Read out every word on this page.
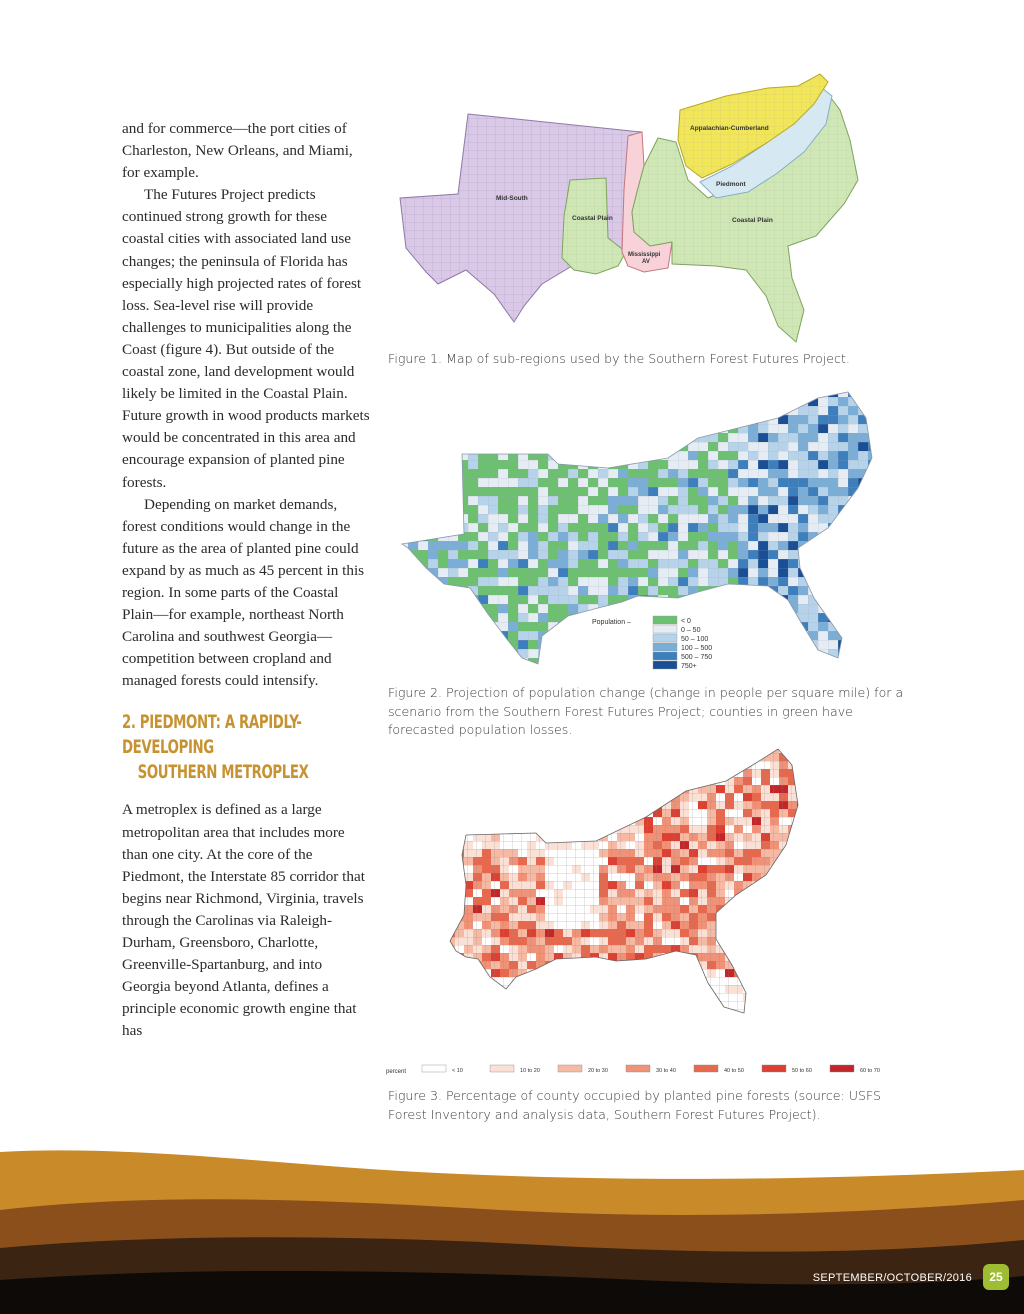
and for commerce—the port cities of Charleston, New Orleans, and Miami, for example.

The Futures Project predicts continued strong growth for these coastal cities with associated land use changes; the peninsula of Florida has especially high projected rates of forest loss. Sea-level rise will provide challenges to municipalities along the Coast (figure 4). But outside of the coastal zone, land development would likely be limited in the Coastal Plain. Future growth in wood products markets would be concentrated in this area and encourage expansion of planted pine forests.

Depending on market demands, forest conditions would change in the future as the area of planted pine could expand by as much as 45 percent in this region. In some parts of the Coastal Plain—for example, northeast North Carolina and southwest Georgia—competition between cropland and managed forests could intensify.

2. PIEDMONT: A RAPIDLY-DEVELOPING
SOUTHERN METROPLEX

A metroplex is defined as a large metropolitan area that includes more than one city. At the core of the Piedmont, the Interstate 85 corridor that begins near Richmond, Virginia, travels through the Carolinas via Raleigh-Durham, Greensboro, Charlotte, Greenville-Spartanburg, and into Georgia beyond Atlanta, defines a principle economic growth engine that has

Mid-South
Coastal Plain
Mississippi
AV
Appalachian-Cumberland
Piedmont
Coastal Plain
Figure 1. Map of sub-regions used by the Southern Forest Futures Project.
Population –	< 0
0 – 50
50 – 100
100 – 500
500 – 750
750+
Figure 2. Projection of population change (change in people per square mile) for a scenario from the Southern Forest Futures Project; counties in green have forecasted population losses.
percent	< 10	10 to 20	20 to 30	30 to 40	40 to 50	50 to 60	60 to 70
Figure 3. Percentage of county occupied by planted pine forests (source: USFS Forest Inventory and analysis data, Southern Forest Futures Project).
SEPTEMBER/OCTOBER/2016	25
